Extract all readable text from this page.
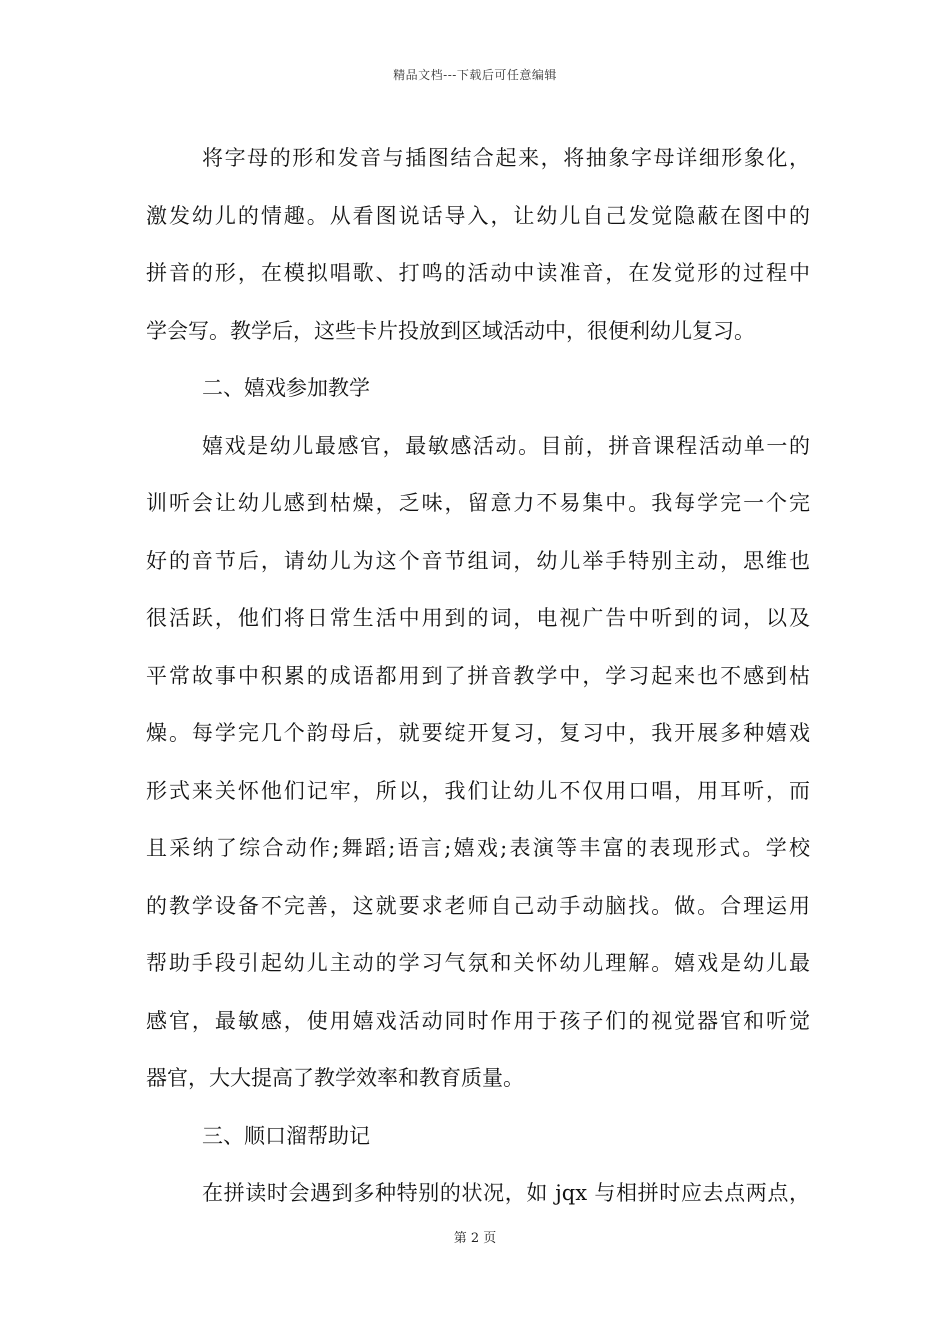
精品文档---下载后可任意编辑
将字母的形和发音与插图结合起来，将抽象字母详细形象化，
激发幼儿的情趣。从看图说话导入，让幼儿自己发觉隐蔽在图中的
拼音的形，在模拟唱歌、打鸣的活动中读准音，在发觉形的过程中
学会写。教学后，这些卡片投放到区域活动中，很便利幼儿复习。
二、嬉戏参加教学
嬉戏是幼儿最感官，最敏感活动。目前，拼音课程活动单一的
训听会让幼儿感到枯燥，乏味，留意力不易集中。我每学完一个完
好的音节后，请幼儿为这个音节组词，幼儿举手特别主动，思维也
很活跃，他们将日常生活中用到的词，电视广告中听到的词，以及
平常故事中积累的成语都用到了拼音教学中，学习起来也不感到枯
燥。每学完几个韵母后，就要绽开复习，复习中，我开展多种嬉戏
形式来关怀他们记牢，所以，我们让幼儿不仅用口唱，用耳听，而
且采纳了综合动作;舞蹈;语言;嬉戏;表演等丰富的表现形式。学校
的教学设备不完善，这就要求老师自己动手动脑找。做。合理运用
帮助手段引起幼儿主动的学习气氛和关怀幼儿理解。嬉戏是幼儿最
感官，最敏感，使用嬉戏活动同时作用于孩子们的视觉器官和听觉
器官，大大提高了教学效率和教育质量。
三、顺口溜帮助记
在拼读时会遇到多种特别的状况，如 jqx 与相拼时应去点两点，
第 2 页
